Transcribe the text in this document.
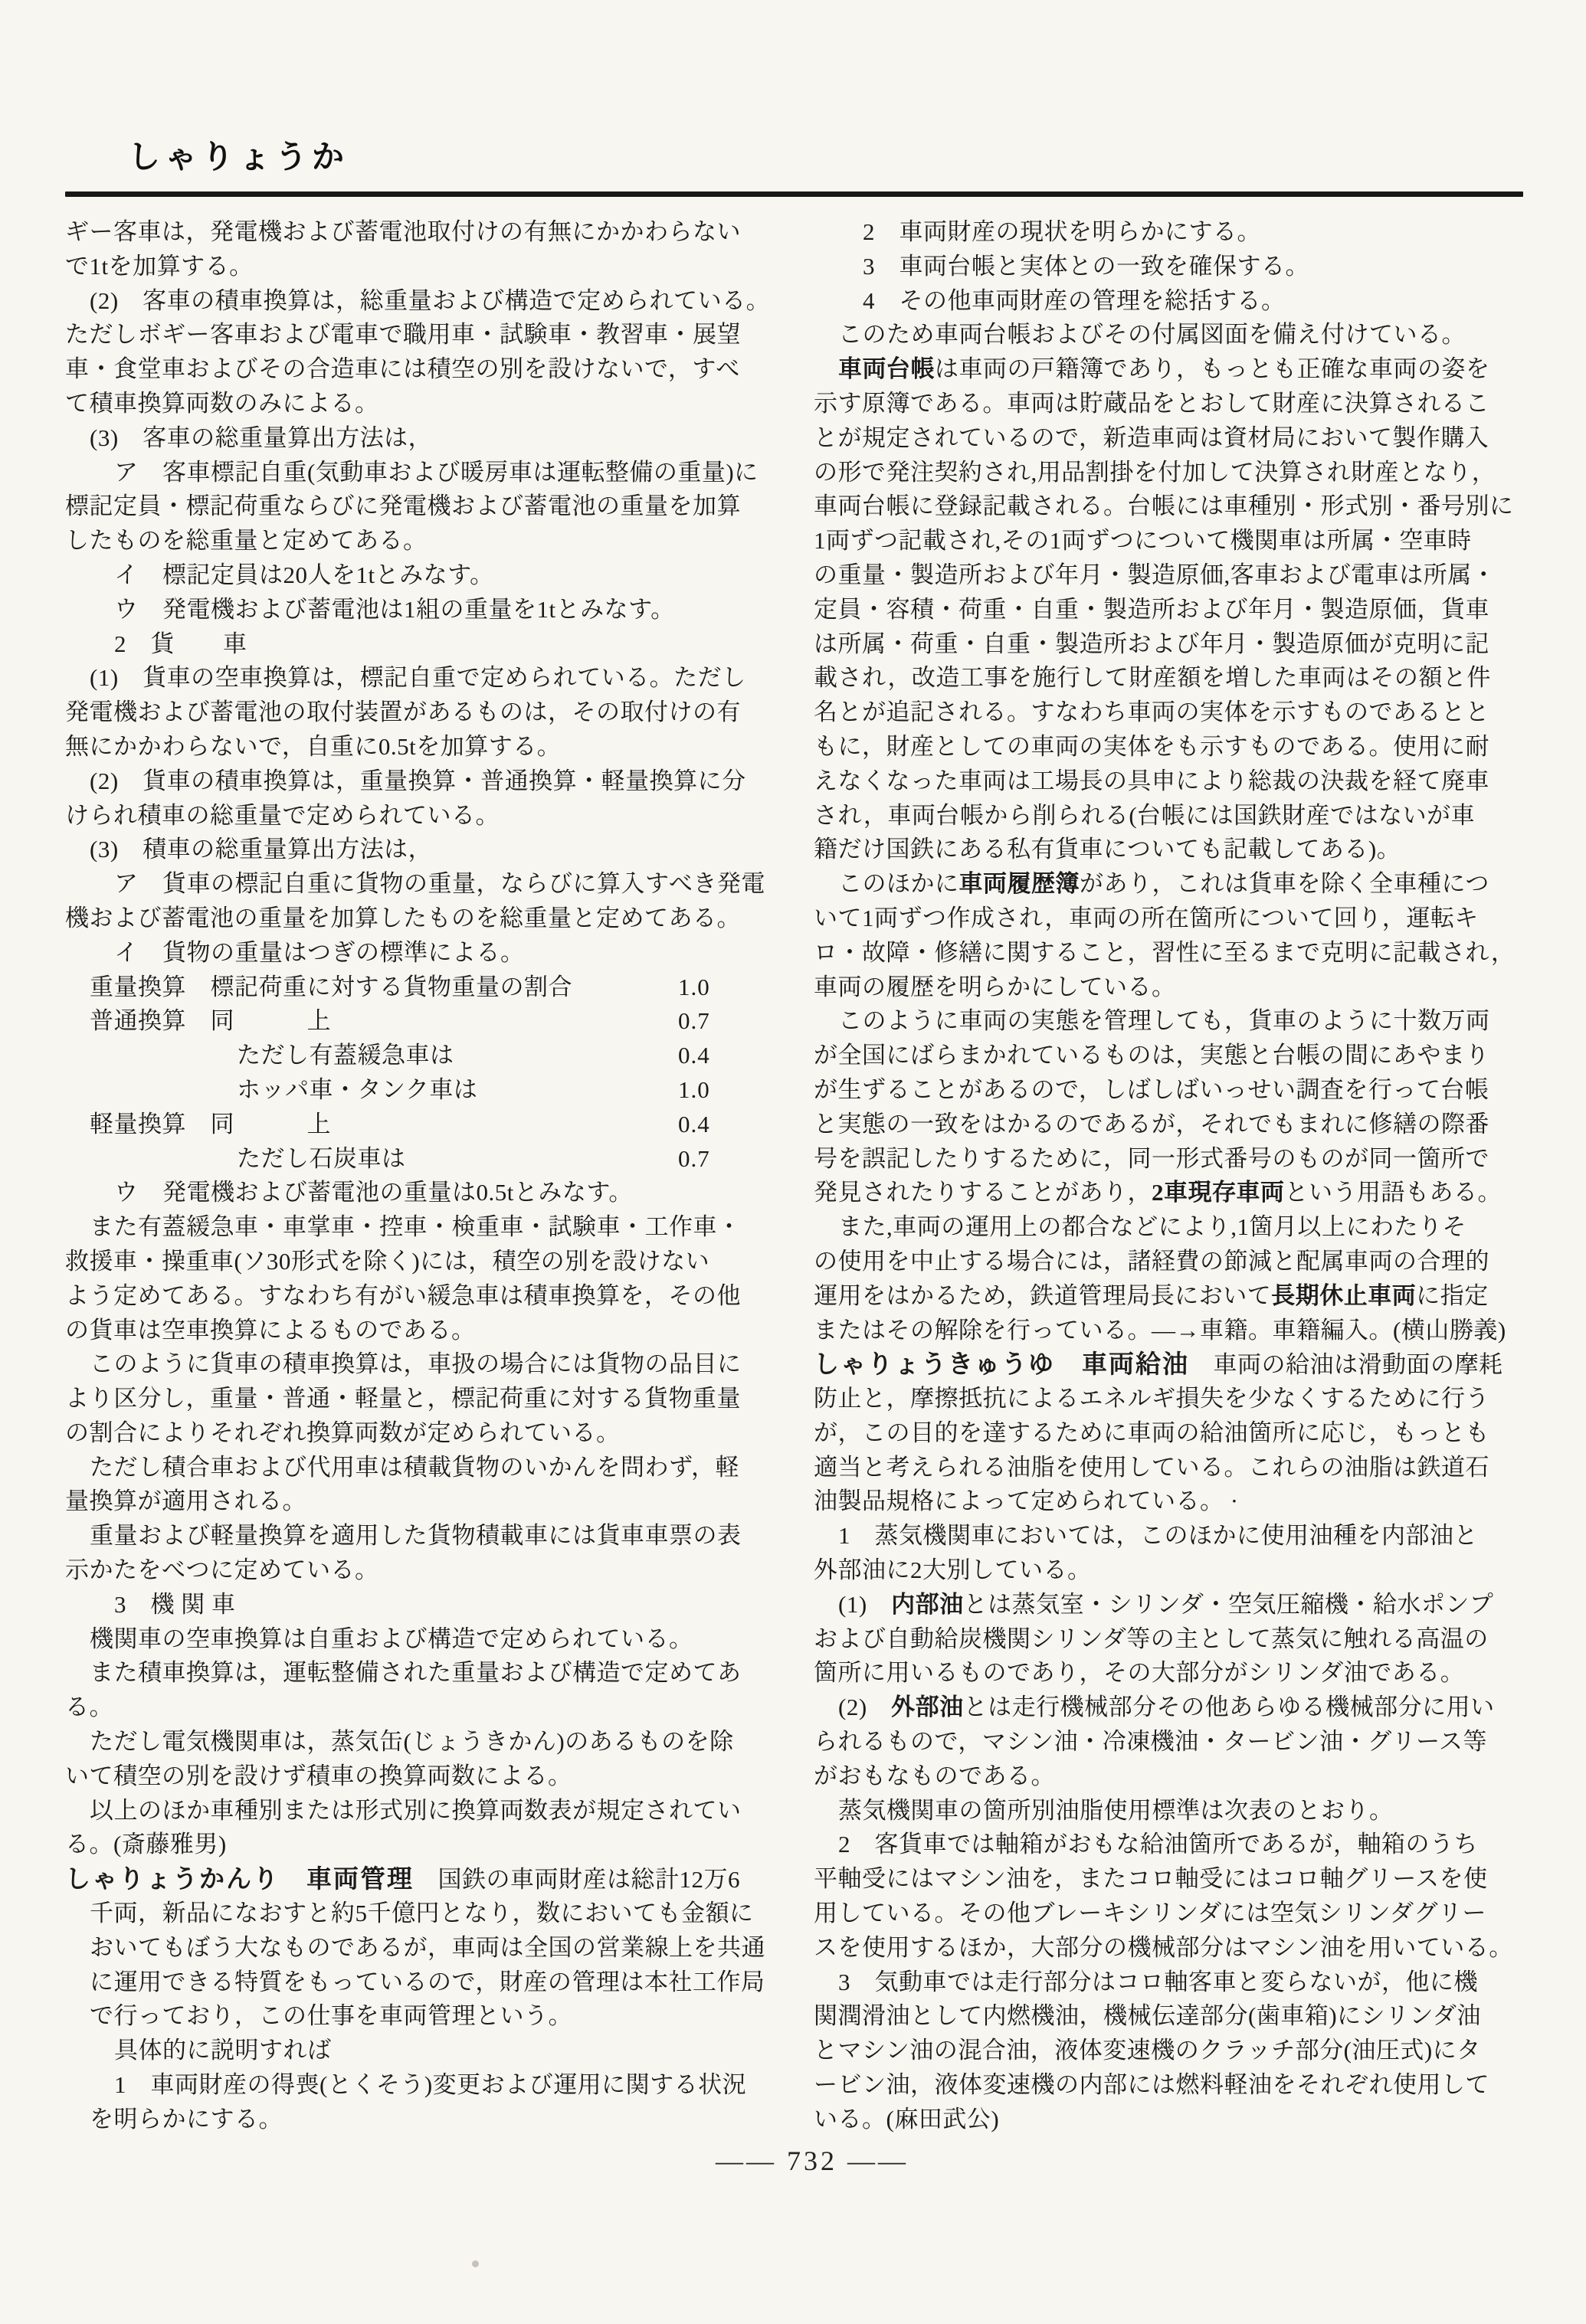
しゃりょうか
ギー客車は，発電機および蓄電池取付けの有無にかかわらない
で1tを加算する。
(2)　客車の積車換算は，総重量および構造で定められている。
ただしボギー客車および電車で職用車・試験車・教習車・展望
車・食堂車およびその合造車には積空の別を設けないで，すべ
て積車換算両数のみによる。
(3)　客車の総重量算出方法は，
ア　客車標記自重(気動車および暖房車は運転整備の重量)に
標記定員・標記荷重ならびに発電機および蓄電池の重量を加算
したものを総重量と定めてある。
イ　標記定員は20人を1tとみなす。
ウ　発電機および蓄電池は1組の重量を1tとみなす。
2　貨　　車
(1)　貨車の空車換算は，標記自重で定められている。ただし
発電機および蓄電池の取付装置があるものは，その取付けの有
無にかかわらないで，自重に0.5tを加算する。
(2)　貨車の積車換算は，重量換算・普通換算・軽量換算に分
けられ積車の総重量で定められている。
(3)　積車の総重量算出方法は，
ア　貨車の標記自重に貨物の重量，ならびに算入すべき発電
機および蓄電池の重量を加算したものを総重量と定めてある。
イ　貨物の重量はつぎの標準による。
重量換算　標記荷重に対する貨物重量の割合	1.0
普通換算　同　　　上	0.7
ただし有蓋緩急車は	0.4
ホッパ車・タンク車は	1.0
軽量換算　同　　　上	0.4
ただし石炭車は	0.7
ウ　発電機および蓄電池の重量は0.5tとみなす。
また有蓋緩急車・車掌車・控車・検重車・試験車・工作車・
救援車・操重車(ソ30形式を除く)には，積空の別を設けない
よう定めてある。すなわち有がい緩急車は積車換算を，その他
の貨車は空車換算によるものである。
このように貨車の積車換算は，車扱の場合には貨物の品目に
より区分し，重量・普通・軽量と，標記荷重に対する貨物重量
の割合によりそれぞれ換算両数が定められている。
ただし積合車および代用車は積載貨物のいかんを問わず，軽
量換算が適用される。
重量および軽量換算を適用した貨物積載車には貨車車票の表
示かたをべつに定めている。
3　機 関 車
機関車の空車換算は自重および構造で定められている。
また積車換算は，運転整備された重量および構造で定めてあ
る。
ただし電気機関車は，蒸気缶(じょうきかん)のあるものを除
いて積空の別を設けず積車の換算両数による。
以上のほか車種別または形式別に換算両数表が規定されてい
る。(斎藤雅男)
しゃりょうかんり　車両管理　国鉄の車両財産は総計12万6
千両，新品になおすと約5千億円となり，数においても金額に
おいてもぼう大なものであるが，車両は全国の営業線上を共通
に運用できる特質をもっているので，財産の管理は本社工作局
で行っており，この仕事を車両管理という。
具体的に説明すれば
1　車両財産の得喪(とくそう)変更および運用に関する状況
を明らかにする。
2　車両財産の現状を明らかにする。
3　車両台帳と実体との一致を確保する。
4　その他車両財産の管理を総括する。
このため車両台帳およびその付属図面を備え付けている。
車両台帳は車両の戸籍簿であり，もっとも正確な車両の姿を
示す原簿である。車両は貯蔵品をとおして財産に決算されるこ
とが規定されているので，新造車両は資材局において製作購入
の形で発注契約され,用品割掛を付加して決算され財産となり，
車両台帳に登録記載される。台帳には車種別・形式別・番号別に
1両ずつ記載され,その1両ずつについて機関車は所属・空車時
の重量・製造所および年月・製造原価,客車および電車は所属・
定員・容積・荷重・自重・製造所および年月・製造原価，貨車
は所属・荷重・自重・製造所および年月・製造原価が克明に記
載され，改造工事を施行して財産額を増した車両はその額と件
名とが追記される。すなわち車両の実体を示すものであるとと
もに，財産としての車両の実体をも示すものである。使用に耐
えなくなった車両は工場長の具申により総裁の決裁を経て廃車
され，車両台帳から削られる(台帳には国鉄財産ではないが車
籍だけ国鉄にある私有貨車についても記載してある)。
このほかに車両履歴簿があり，これは貨車を除く全車種につ
いて1両ずつ作成され，車両の所在箇所について回り，運転キ
ロ・故障・修繕に関すること，習性に至るまで克明に記載され，
車両の履歴を明らかにしている。
このように車両の実態を管理しても，貨車のように十数万両
が全国にばらまかれているものは，実態と台帳の間にあやまり
が生ずることがあるので，しばしばいっせい調査を行って台帳
と実態の一致をはかるのであるが，それでもまれに修繕の際番
号を誤記したりするために，同一形式番号のものが同一箇所で
発見されたりすることがあり，2車現存車両という用語もある。
また,車両の運用上の都合などにより,1箇月以上にわたりそ
の使用を中止する場合には，諸経費の節減と配属車両の合理的
運用をはかるため，鉄道管理局長において長期休止車両に指定
またはその解除を行っている。―→車籍。車籍編入。(横山勝義)
しゃりょうきゅうゆ　車両給油　車両の給油は滑動面の摩耗
防止と，摩擦抵抗によるエネルギ損失を少なくするために行う
が，この目的を達するために車両の給油箇所に応じ，もっとも
適当と考えられる油脂を使用している。これらの油脂は鉄道石
油製品規格によって定められている。 ·
1　蒸気機関車においては，このほかに使用油種を内部油と
外部油に2大別している。
(1)　内部油とは蒸気室・シリンダ・空気圧縮機・給水ポンプ
および自動給炭機関シリンダ等の主として蒸気に触れる高温の
箇所に用いるものであり，その大部分がシリンダ油である。
(2)　外部油とは走行機械部分その他あらゆる機械部分に用い
られるもので，マシン油・冷凍機油・タービン油・グリース等
がおもなものである。
蒸気機関車の箇所別油脂使用標準は次表のとおり。
2　客貨車では軸箱がおもな給油箇所であるが，軸箱のうち
平軸受にはマシン油を，またコロ軸受にはコロ軸グリースを使
用している。その他ブレーキシリンダには空気シリンダグリー
スを使用するほか，大部分の機械部分はマシン油を用いている。
3　気動車では走行部分はコロ軸客車と変らないが，他に機
関潤滑油として内燃機油，機械伝達部分(歯車箱)にシリンダ油
とマシン油の混合油，液体変速機のクラッチ部分(油圧式)にタ
ービン油，液体変速機の内部には燃料軽油をそれぞれ使用して
いる。(麻田武公)
―― 732 ――
